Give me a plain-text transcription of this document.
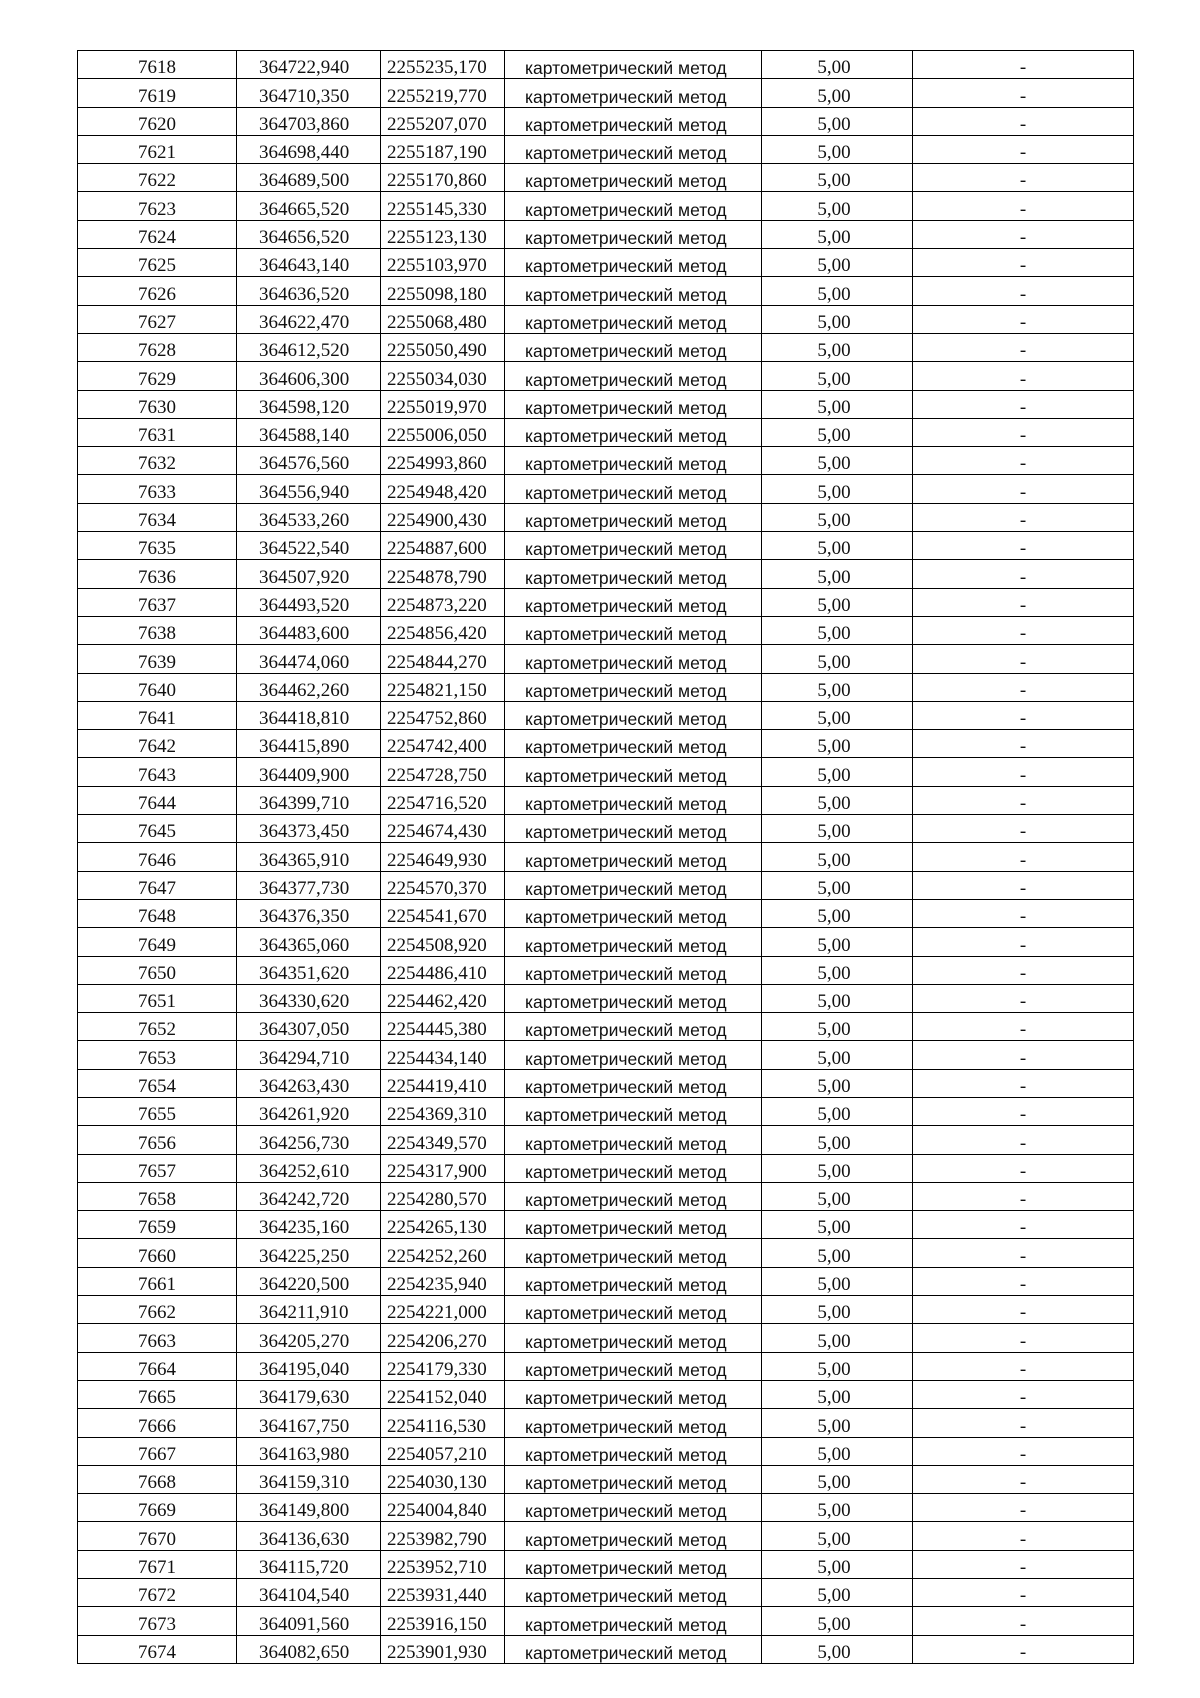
7618	364722,940	2255235,170	картометрический метод	5,00	-
7619	364710,350	2255219,770	картометрический метод	5,00	-
7620	364703,860	2255207,070	картометрический метод	5,00	-
7621	364698,440	2255187,190	картометрический метод	5,00	-
7622	364689,500	2255170,860	картометрический метод	5,00	-
7623	364665,520	2255145,330	картометрический метод	5,00	-
7624	364656,520	2255123,130	картометрический метод	5,00	-
7625	364643,140	2255103,970	картометрический метод	5,00	-
7626	364636,520	2255098,180	картометрический метод	5,00	-
7627	364622,470	2255068,480	картометрический метод	5,00	-
7628	364612,520	2255050,490	картометрический метод	5,00	-
7629	364606,300	2255034,030	картометрический метод	5,00	-
7630	364598,120	2255019,970	картометрический метод	5,00	-
7631	364588,140	2255006,050	картометрический метод	5,00	-
7632	364576,560	2254993,860	картометрический метод	5,00	-
7633	364556,940	2254948,420	картометрический метод	5,00	-
7634	364533,260	2254900,430	картометрический метод	5,00	-
7635	364522,540	2254887,600	картометрический метод	5,00	-
7636	364507,920	2254878,790	картометрический метод	5,00	-
7637	364493,520	2254873,220	картометрический метод	5,00	-
7638	364483,600	2254856,420	картометрический метод	5,00	-
7639	364474,060	2254844,270	картометрический метод	5,00	-
7640	364462,260	2254821,150	картометрический метод	5,00	-
7641	364418,810	2254752,860	картометрический метод	5,00	-
7642	364415,890	2254742,400	картометрический метод	5,00	-
7643	364409,900	2254728,750	картометрический метод	5,00	-
7644	364399,710	2254716,520	картометрический метод	5,00	-
7645	364373,450	2254674,430	картометрический метод	5,00	-
7646	364365,910	2254649,930	картометрический метод	5,00	-
7647	364377,730	2254570,370	картометрический метод	5,00	-
7648	364376,350	2254541,670	картометрический метод	5,00	-
7649	364365,060	2254508,920	картометрический метод	5,00	-
7650	364351,620	2254486,410	картометрический метод	5,00	-
7651	364330,620	2254462,420	картометрический метод	5,00	-
7652	364307,050	2254445,380	картометрический метод	5,00	-
7653	364294,710	2254434,140	картометрический метод	5,00	-
7654	364263,430	2254419,410	картометрический метод	5,00	-
7655	364261,920	2254369,310	картометрический метод	5,00	-
7656	364256,730	2254349,570	картометрический метод	5,00	-
7657	364252,610	2254317,900	картометрический метод	5,00	-
7658	364242,720	2254280,570	картометрический метод	5,00	-
7659	364235,160	2254265,130	картометрический метод	5,00	-
7660	364225,250	2254252,260	картометрический метод	5,00	-
7661	364220,500	2254235,940	картометрический метод	5,00	-
7662	364211,910	2254221,000	картометрический метод	5,00	-
7663	364205,270	2254206,270	картометрический метод	5,00	-
7664	364195,040	2254179,330	картометрический метод	5,00	-
7665	364179,630	2254152,040	картометрический метод	5,00	-
7666	364167,750	2254116,530	картометрический метод	5,00	-
7667	364163,980	2254057,210	картометрический метод	5,00	-
7668	364159,310	2254030,130	картометрический метод	5,00	-
7669	364149,800	2254004,840	картометрический метод	5,00	-
7670	364136,630	2253982,790	картометрический метод	5,00	-
7671	364115,720	2253952,710	картометрический метод	5,00	-
7672	364104,540	2253931,440	картометрический метод	5,00	-
7673	364091,560	2253916,150	картометрический метод	5,00	-
7674	364082,650	2253901,930	картометрический метод	5,00	-
